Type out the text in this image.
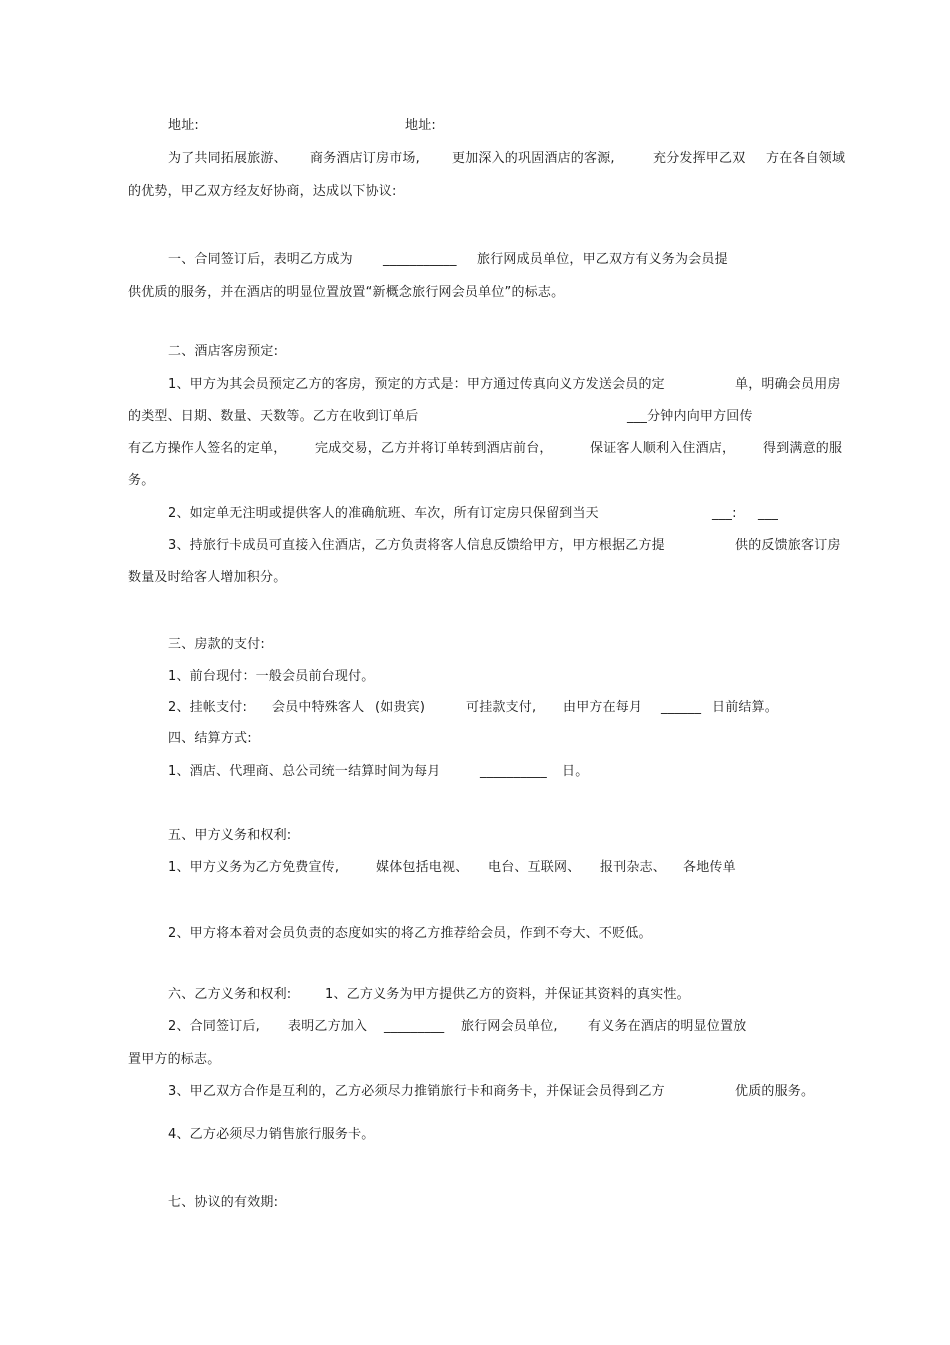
地址:	地址:
为了共同拓展旅游、 商务酒店订房市场, 更加深入的巩固酒店的客源,	充分发挥甲乙双 方在各自领域
的优势，甲乙双方经友好协商，达成以下协议:
一、合同签订后，表明乙方成为 ___________ 旅行网成员单位，甲乙双方有义务为会员提
供优质的服务，并在酒店的明显位置放置“新概念旅行网会员单位”的标志。
二、酒店客房预定:
1、甲方为其会员预定乙方的客房，预定的方式是：甲方通过传真向义方发送会员的定	单，明确会员用房
的类型、日期、数量、天数等。乙方在收到订单后	___分钟内向甲方回传
有乙方操作人签名的定单， 完成交易，乙方并将订单转到酒店前台，	保证客人顺利入住酒店， 得到满意的服
务。
2、如定单无注明或提供客人的准确航班、车次，所有订定房只保留到当天	___: ___
3、持旅行卡成员可直接入住酒店，乙方负责将客人信息反馈给甲方，甲方根据乙方提	供的反馈旅客订房
数量及时给客人增加积分。
三、房款的支付:
1、前台现付：一般会员前台现付。
2、挂帐支付: 会员中特殊客人 (如贵宾)	可挂款支付, 由甲方在每月 ______ 日前结算。
四、结算方式:
1、酒店、代理商、总公司统一结算时间为每月	__________ 日。
五、甲方义务和权利:
1、甲方义务为乙方免费宣传,	媒体包括电视、 电台、互联网、 报刊杂志、 各地传单
2、甲方将本着对会员负责的态度如实的将乙方推荐给会员，作到不夸大、不贬低。
六、乙方义务和权利:	1、乙方义务为甲方提供乙方的资料，并保证其资料的真实性。
2、合同签订后, 表明乙方加入 _________ 旅行网会员单位, 有义务在酒店的明显位置放
置甲方的标志。
3、甲乙双方合作是互利的，乙方必须尽力推销旅行卡和商务卡，并保证会员得到乙方	优质的服务。
4、乙方必须尽力销售旅行服务卡。
七、协议的有效期:
